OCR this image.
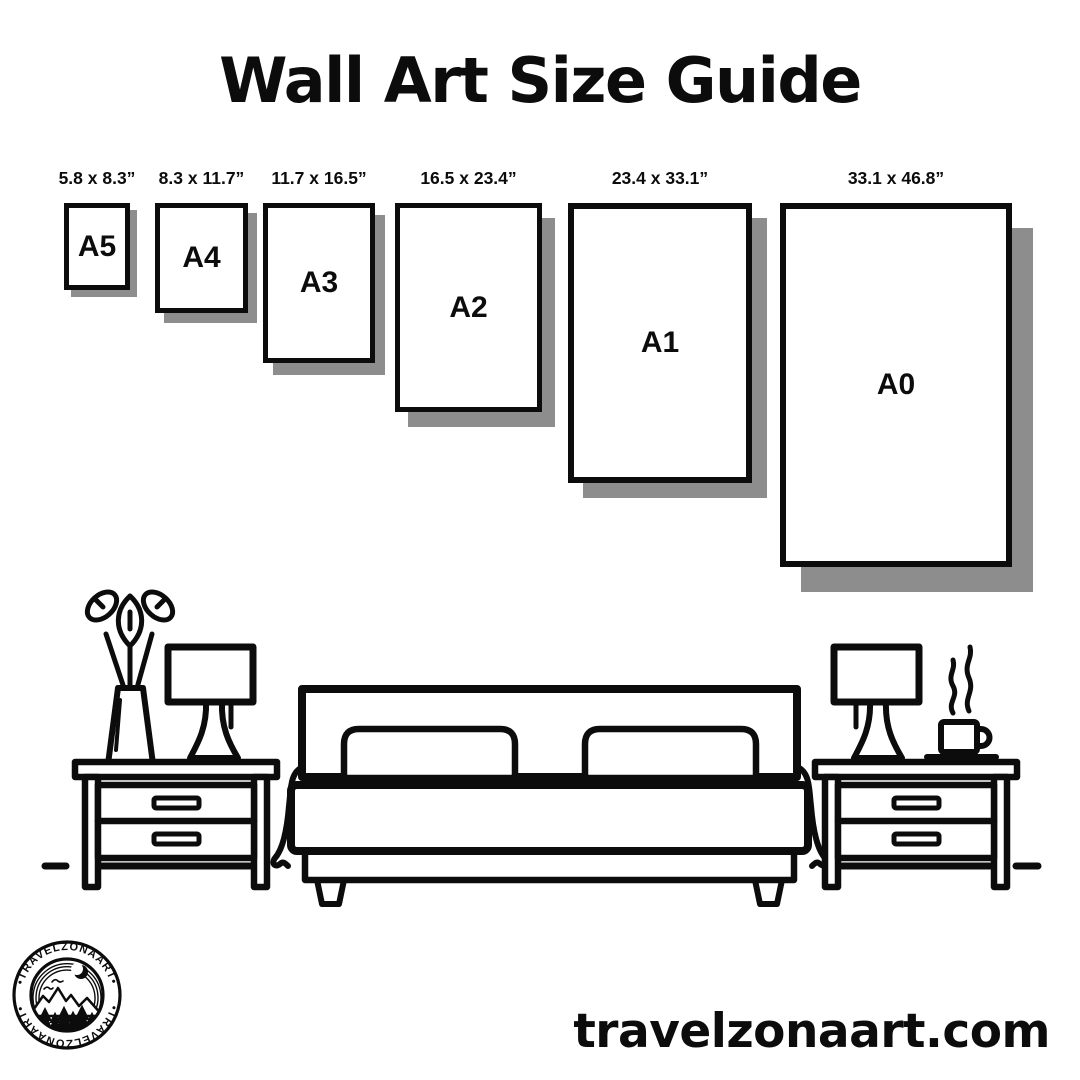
•TRAVELZONAART•
•TRAVELZONAART•
Wall Art Size Guide
5.8 x 8.3”
A5
8.3 x 11.7”
A4
11.7 x 16.5”
A3
16.5 x 23.4”
A2
23.4 x 33.1”
A1
33.1 x 46.8”
A0
travelzonaart.com
